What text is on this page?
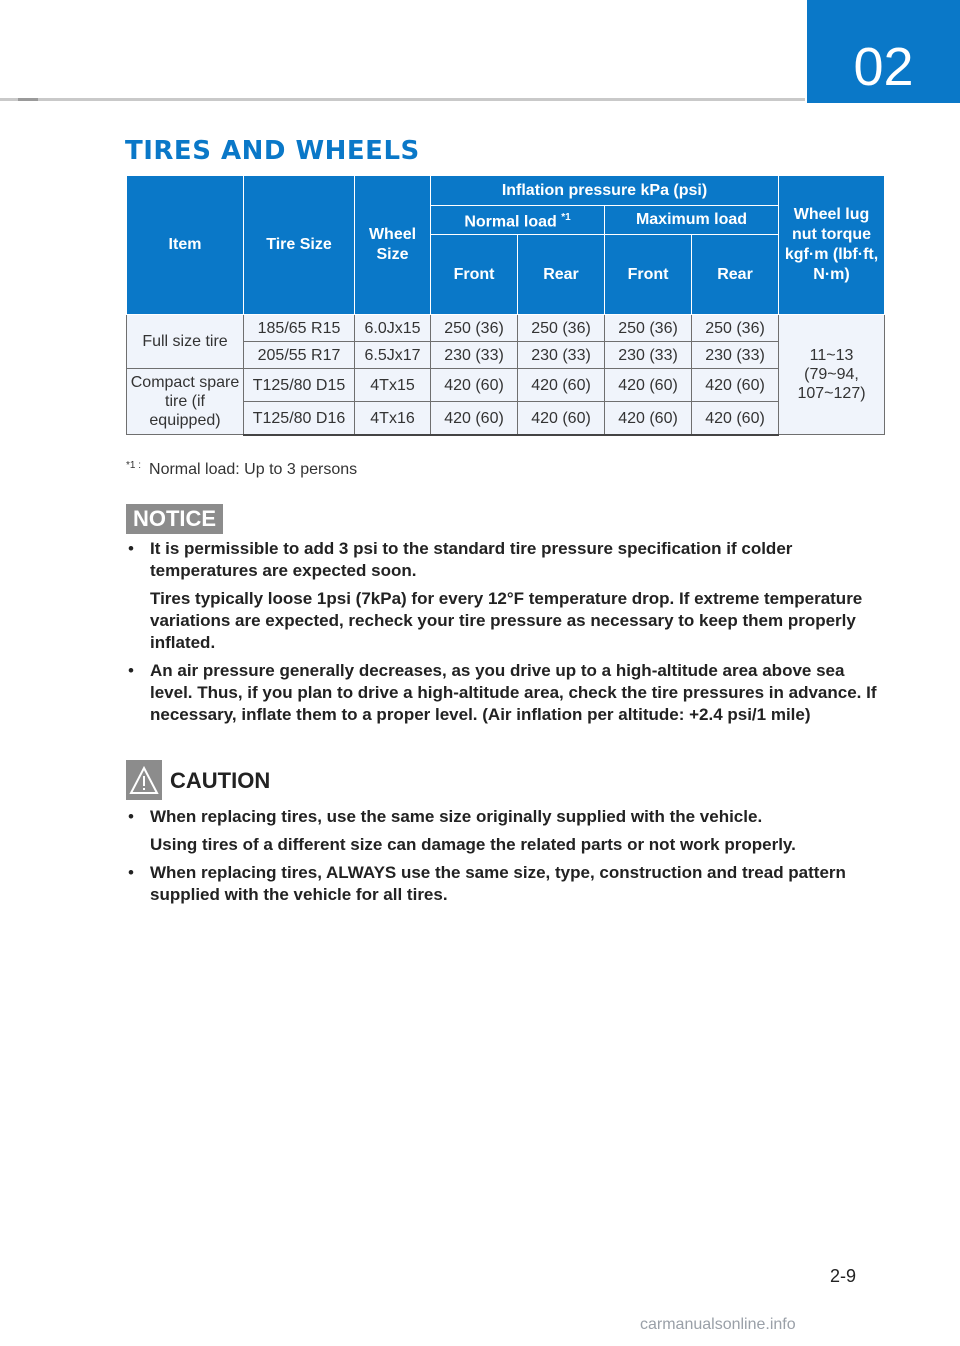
02
TIRES AND WHEELS
Item	Tire Size	Wheel Size	Inflation pressure kPa (psi)				Wheel lug nut torque kgf·m (lbf·ft, N·m)
			Normal load $^{*1}$		Maximum load		
			Front	Rear	Front	Rear	
Full size tire	185/65 R15	6.0Jx15	250 (36)	250 (36)	250 (36)	250 (36)	11~13 (79~94, 107~127)
	205/55 R17	6.5Jx17	230 (33)	230 (33)	230 (33)	230 (33)	
Compact spare tire (if equipped)	T125/80 D15	4Tx15	420 (60)	420 (60)	420 (60)	420 (60)	
	T125/80 D16	4Tx16	420 (60)	420 (60)	420 (60)	420 (60)	
$^{*1 :}$ Normal load: Up to 3 persons
NOTICE
• It is permissible to add 3 psi to the standard tire pressure specification if colder temperatures are expected soon.

Tires typically loose 1psi (7kPa) for every 12°F temperature drop. If extreme temperature variations are expected, recheck your tire pressure as necessary to keep them properly inflated.

• An air pressure generally decreases, as you drive up to a high-altitude area above sea level. Thus, if you plan to drive a high-altitude area, check the tire pressures in advance. If necessary, inflate them to a proper level. (Air inflation per altitude: +2.4 psi/1 mile)

CAUTION
• When replacing tires, use the same size originally supplied with the vehicle.

Using tires of a different size can damage the related parts or not work properly.

• When replacing tires, ALWAYS use the same size, type, construction and tread pattern supplied with the vehicle for all tires.

2-9
carmanualsonline.info
